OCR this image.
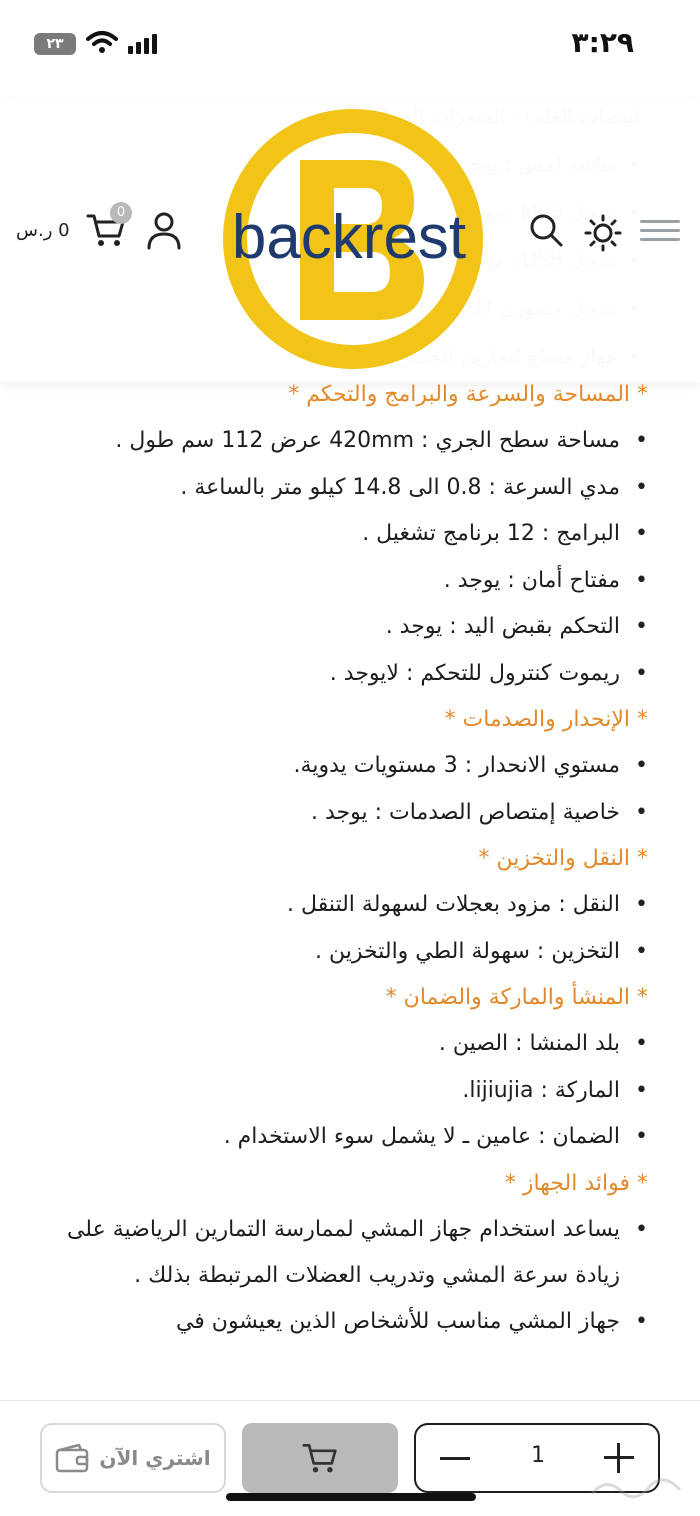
٣:٢٩
٢٣
•
•
•
•
•
backrest
0
0 ر.س
* المساحة والسرعة والبرامج والتحكم *
• مساحة سطح الجري : 420mm عرض 112 سم طول .
• مدي السرعة : 0.8 الى 14.8 كيلو متر بالساعة .
• البرامج : 12 برنامج تشغيل .
• مفتاح أمان : يوجد .
• التحكم بقبض اليد : يوجد .
• ريموت كنترول للتحكم : لايوجد .
* الإنحدار والصدمات *
• مستوي الانحدار : 3 مستويات يدوية.
• خاصية إمتصاص الصدمات : يوجد .
* النقل والتخزين *
• النقل : مزود بعجلات لسهولة التنقل .
• التخزين : سهولة الطي والتخزين .
* المنشأ والماركة والضمان *
• بلد المنشا : الصين .
• الماركة : lijiujia.
• الضمان : عامين ـ لا يشمل سوء الاستخدام .
* فوائد الجهاز *
• يساعد استخدام جهاز المشي لممارسة التمارين الرياضية على زيادة سرعة المشي وتدريب العضلات المرتبطة بذلك .
• جهاز المشي مناسب للأشخاص الذين يعيشون في
اشتري الآن	1
